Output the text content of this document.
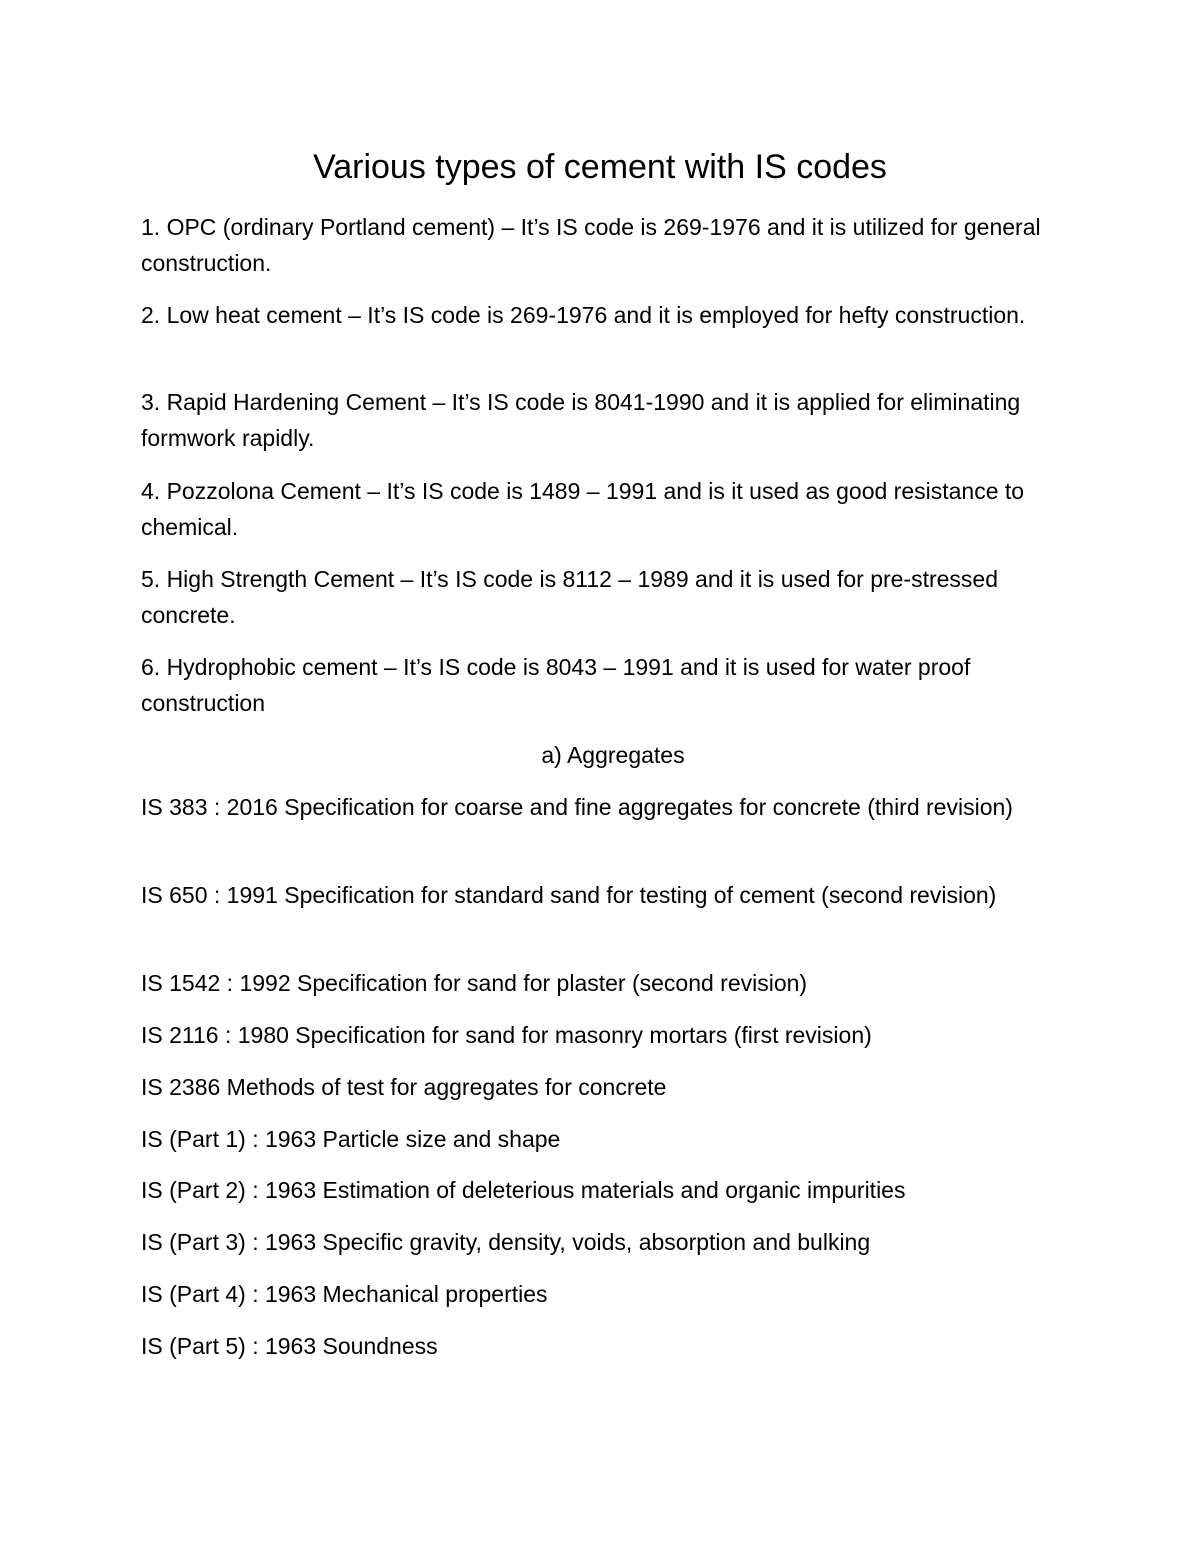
Various types of cement with IS codes

1. OPC (ordinary Portland cement) – It’s IS code is 269-1976 and it is utilized for general construction.

2. Low heat cement – It’s IS code is 269-1976 and it is employed for hefty construction.

3. Rapid Hardening Cement – It’s IS code is 8041-1990 and it is applied for eliminating formwork rapidly.

4. Pozzolona Cement – It’s IS code is 1489 – 1991 and is it used as good resistance to chemical.

5. High Strength Cement – It’s IS code is 8112 – 1989 and it is used for pre-stressed concrete.

6. Hydrophobic cement – It’s IS code is 8043 – 1991 and it is used for water proof construction

a) Aggregates

IS 383 : 2016 Specification for coarse and fine aggregates for concrete (third revision)

IS 650 : 1991 Specification for standard sand for testing of cement (second revision)

IS 1542 : 1992 Specification for sand for plaster (second revision)

IS 2116 : 1980 Specification for sand for masonry mortars (first revision)

IS 2386 Methods of test for aggregates for concrete

IS (Part 1) : 1963 Particle size and shape

IS (Part 2) : 1963 Estimation of deleterious materials and organic impurities

IS (Part 3) : 1963 Specific gravity, density, voids, absorption and bulking

IS (Part 4) : 1963 Mechanical properties

IS (Part 5) : 1963 Soundness
